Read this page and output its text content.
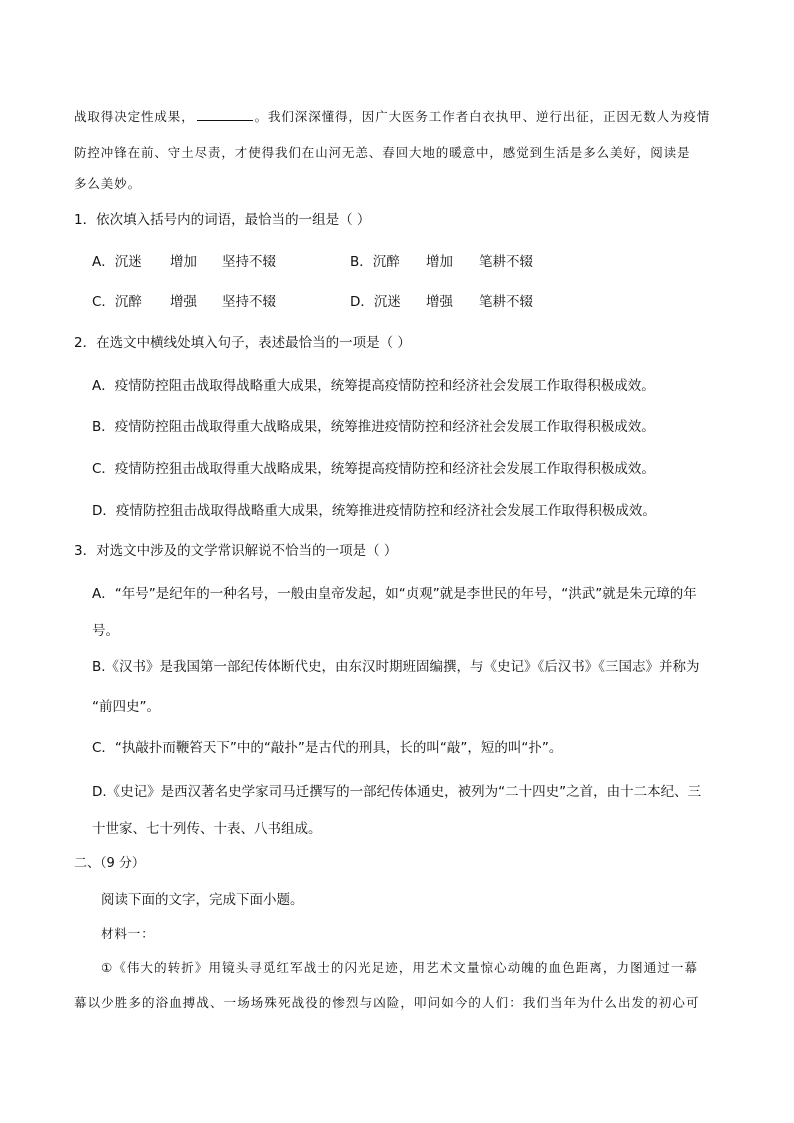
战取得决定性成果，	。我们深深懂得，因广大医务工作者白衣执甲、逆行出征，正因无数人为疫情
防控冲锋在前、守土尽责，才使得我们在山河无恙、春回大地的暖意中，感觉到生活是多么美好，阅读是
多么美妙。
1．依次填入括号内的词语，最恰当的一组是（ ）
A．沉迷 增加 坚持不辍	B．沉醉 增加 笔耕不辍
C．沉醉 增强 坚持不辍	D．沉迷 增强 笔耕不辍
2．在选文中横线处填入句子，表述最恰当的一项是（ ）
A．疫情防控阻击战取得战略重大成果，统筹提高疫情防控和经济社会发展工作取得积极成效。
B．疫情防控阻击战取得重大战略成果，统筹推进疫情防控和经济社会发展工作取得积极成效。
C．疫情防控狙击战取得重大战略成果，统筹提高疫情防控和经济社会发展工作取得积极成效。
D．疫情防控狙击战取得战略重大成果，统筹推进疫情防控和经济社会发展工作取得积极成效。
3．对选文中涉及的文学常识解说不恰当的一项是（ ）
A．“年号”是纪年的一种名号，一般由皇帝发起，如“贞观”就是李世民的年号，“洪武”就是朱元璋的年
号。
B.《汉书》是我国第一部纪传体断代史，由东汉时期班固编撰，与《史记》《后汉书》《三国志》并称为
“前四史”。
C．“执敲扑而鞭笞天下”中的“敲扑”是古代的刑具，长的叫“敲”，短的叫“扑”。
D.《史记》是西汉著名史学家司马迁撰写的一部纪传体通史，被列为“二十四史”之首，由十二本纪、三
十世家、七十列传、十表、八书组成。
二、（9 分）
阅读下面的文字，完成下面小题。
材料一：
①《伟大的转折》用镜头寻觅红军战士的闪光足迹，用艺术文量惊心动魄的血色距离，力图通过一幕
幕以少胜多的浴血搏战、一场场殊死战役的惨烈与凶险，叩问如今的人们：我们当年为什么出发的初心可
